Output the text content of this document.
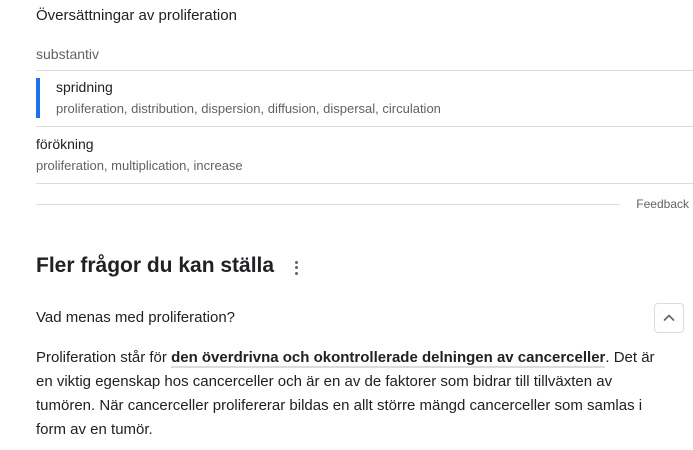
Översättningar av proliferation
substantiv
spridning
proliferation, distribution, dispersion, diffusion, dispersal, circulation
förökning
proliferation, multiplication, increase
Feedback
Fler frågor du kan ställa
Vad menas med proliferation?
Proliferation står för den överdrivna och okontrollerade delningen av cancerceller. Det är en viktig egenskap hos cancerceller och är en av de faktorer som bidrar till tillväxten av tumören. När cancerceller prolifererar bildas en allt större mängd cancerceller som samlas i form av en tumör.
